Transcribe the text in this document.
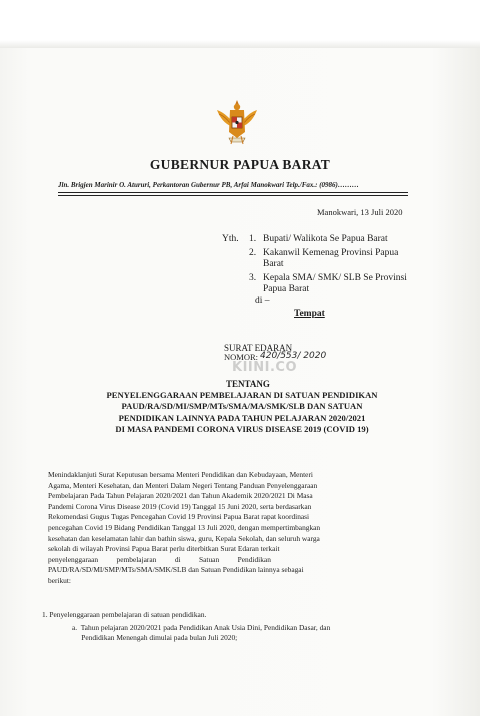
GUBERNUR PAPUA BARAT
Jln. Brigjen Marinir O. Atururi, Perkantoran Gubernur PB, Arfai Manokwari Telp./Fax.: (0986)………
Manokwari, 13 Juli 2020
Yth. 1. Bupati/ Walikota Se Papua Barat
2. Kakanwil Kemenag Provinsi Papua
Barat
3. Kepala SMA/ SMK/ SLB Se Provinsi
Papua Barat
di –
Tempat
SURAT EDARAN
NOMOR: 420/553/ 2020
KIINI.CO
TENTANG
PENYELENGGARAAN PEMBELAJARAN DI SATUAN PENDIDIKAN
PAUD/RA/SD/MI/SMP/MTs/SMA/MA/SMK/SLB DAN SATUAN
PENDIDIKAN LAINNYA PADA TAHUN PELAJARAN 2020/2021
DI MASA PANDEMI CORONA VIRUS DISEASE 2019 (COVID 19)
Menindaklanjuti Surat Keputusan bersama Menteri Pendidikan dan Kebudayaan, Menteri
Agama, Menteri Kesehatan, dan Menteri Dalam Negeri Tentang Panduan Penyelenggaraan
Pembelajaran Pada Tahun Pelajaran 2020/2021 dan Tahun Akademik 2020/2021 Di Masa
Pandemi Corona Virus Disease 2019 (Covid 19) Tanggal 15 Juni 2020, serta berdasarkan
Rekomendasi Gugus Tugas Pencegahan Covid 19 Provinsi Papua Barat rapat koordinasi
pencegahan Covid 19 Bidang Pendidikan Tanggal 13 Juli 2020, dengan mempertimbangkan
kesehatan dan keselamatan lahir dan bathin siswa, guru, Kepala Sekolah, dan seluruh warga
sekolah di wilayah Provinsi Papua Barat perlu diterbitkan Surat Edaran terkait
penyelenggaraan          pembelajaran          di          Satuan          Pendidikan
PAUD/RA/SD/MI/SMP/MTs/SMA/SMK/SLB dan Satuan Pendidikan lainnya sebagai
berikut:
1. Penyelenggaraan pembelajaran di satuan pendidikan.
a.  Tahun pelajaran 2020/2021 pada Pendidikan Anak Usia Dini, Pendidikan Dasar, dan
Pendidikan Menengah dimulai pada bulan Juli 2020;
